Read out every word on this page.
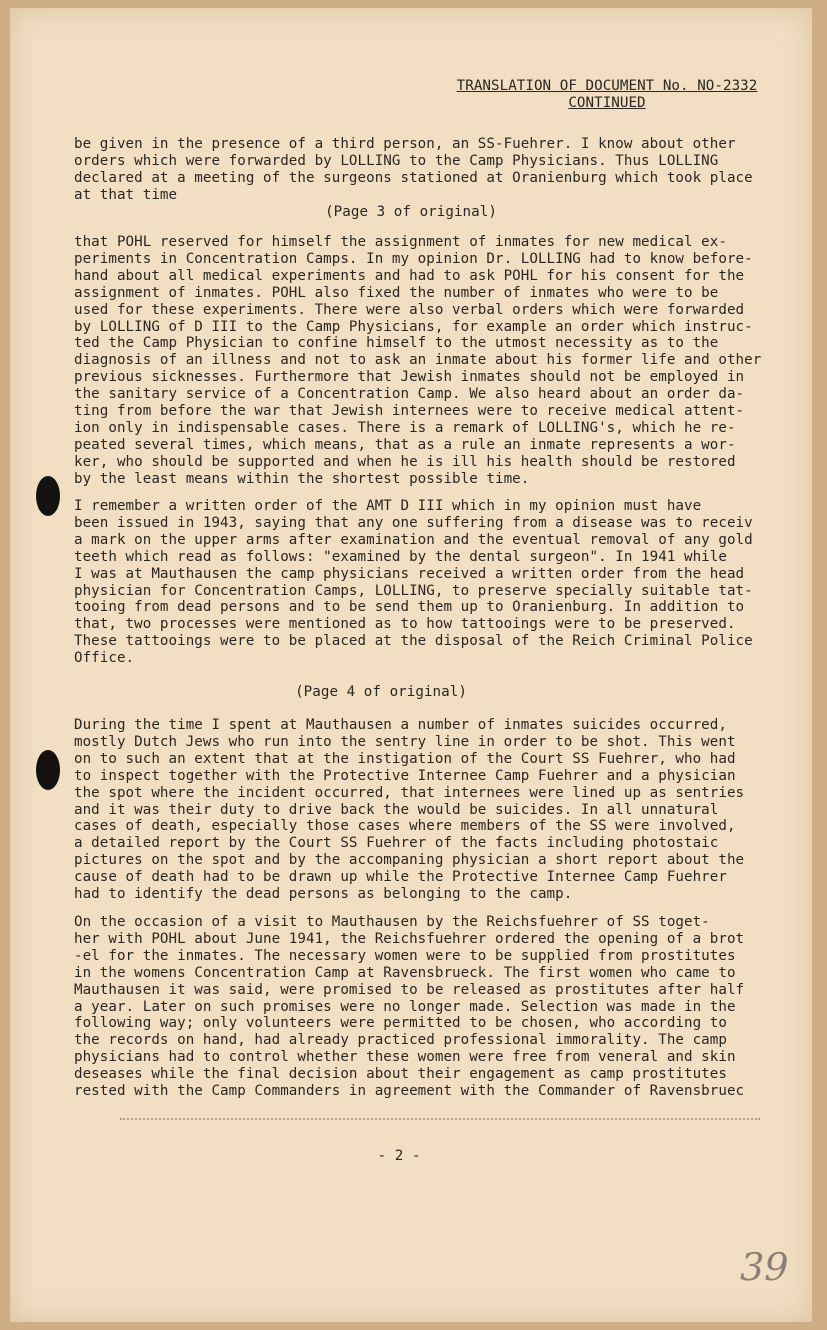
TRANSLATION OF DOCUMENT No. NO-2332
CONTINUED

be given in the presence of a third person, an SS-Fuehrer. I know about other
orders which were forwarded by LOLLING to the Camp Physicians. Thus LOLLING
declared at a meeting of the surgeons stationed at Oranienburg which took place
at that time

(Page 3 of original)

that POHL reserved for himself the assignment of inmates for new medical ex-
periments in Concentration Camps. In my opinion Dr. LOLLING had to know before-
hand about all medical experiments and had to ask POHL for his consent for the
assignment of inmates. POHL also fixed the number of inmates who were to be
used for these experiments. There were also verbal orders which were forwarded
by LOLLING of D III to the Camp Physicians, for example an order which instruc-
ted the Camp Physician to confine himself to the utmost necessity as to the
diagnosis of an illness and not to ask an inmate about his former life and other
previous sicknesses. Furthermore that Jewish inmates should not be employed in
the sanitary service of a Concentration Camp. We also heard about an order da-
ting from before the war that Jewish internees were to receive medical attent-
ion only in indispensable cases. There is a remark of LOLLING's, which he re-
peated several times, which means, that as a rule an inmate represents a wor-
ker, who should be supported and when he is ill his health should be restored
by the least means within the shortest possible time.

I remember a written order of the AMT D III which in my opinion must have
been issued in 1943, saying that any one suffering from a disease was to receiv
a mark on the upper arms after examination and the eventual removal of any gold
teeth which read as follows: "examined by the dental surgeon". In 1941 while
I was at Mauthausen the camp physicians received a written order from the head
physician for Concentration Camps, LOLLING, to preserve specially suitable tat-
tooing from dead persons and to be send them up to Oranienburg. In addition to
that, two processes were mentioned as to how tattooings were to be preserved.
These tattooings were to be placed at the disposal of the Reich Criminal Police
Office.

(Page 4 of original)

During the time I spent at Mauthausen a number of inmates suicides occurred,
mostly Dutch Jews who run into the sentry line in order to be shot. This went
on to such an extent that at the instigation of the Court SS Fuehrer, who had
to inspect together with the Protective Internee Camp Fuehrer and a physician
the spot where the incident occurred, that internees were lined up as sentries
and it was their duty to drive back the would be suicides. In all unnatural
cases of death, especially those cases where members of the SS were involved,
a detailed report by the Court SS Fuehrer of the facts including photostaic
pictures on the spot and by the accompaning physician a short report about the
cause of death had to be drawn up while the Protective Internee Camp Fuehrer
had to identify the dead persons as belonging to the camp.

On the occasion of a visit to Mauthausen by the Reichsfuehrer of SS toget-
her with POHL about June 1941, the Reichsfuehrer ordered the opening of a brot
-el for the inmates. The necessary women were to be supplied from prostitutes
in the womens Concentration Camp at Ravensbrueck. The first women who came to
Mauthausen it was said, were promised to be released as prostitutes after half
a year. Later on such promises were no longer made. Selection was made in the
following way; only volunteers were permitted to be chosen, who according to
the records on hand, had already practiced professional immorality. The camp
physicians had to control whether these women were free from veneral and skin
deseases while the final decision about their engagement as camp prostitutes
rested with the Camp Commanders in agreement with the Commander of Ravensbruec

- 2 -

39
